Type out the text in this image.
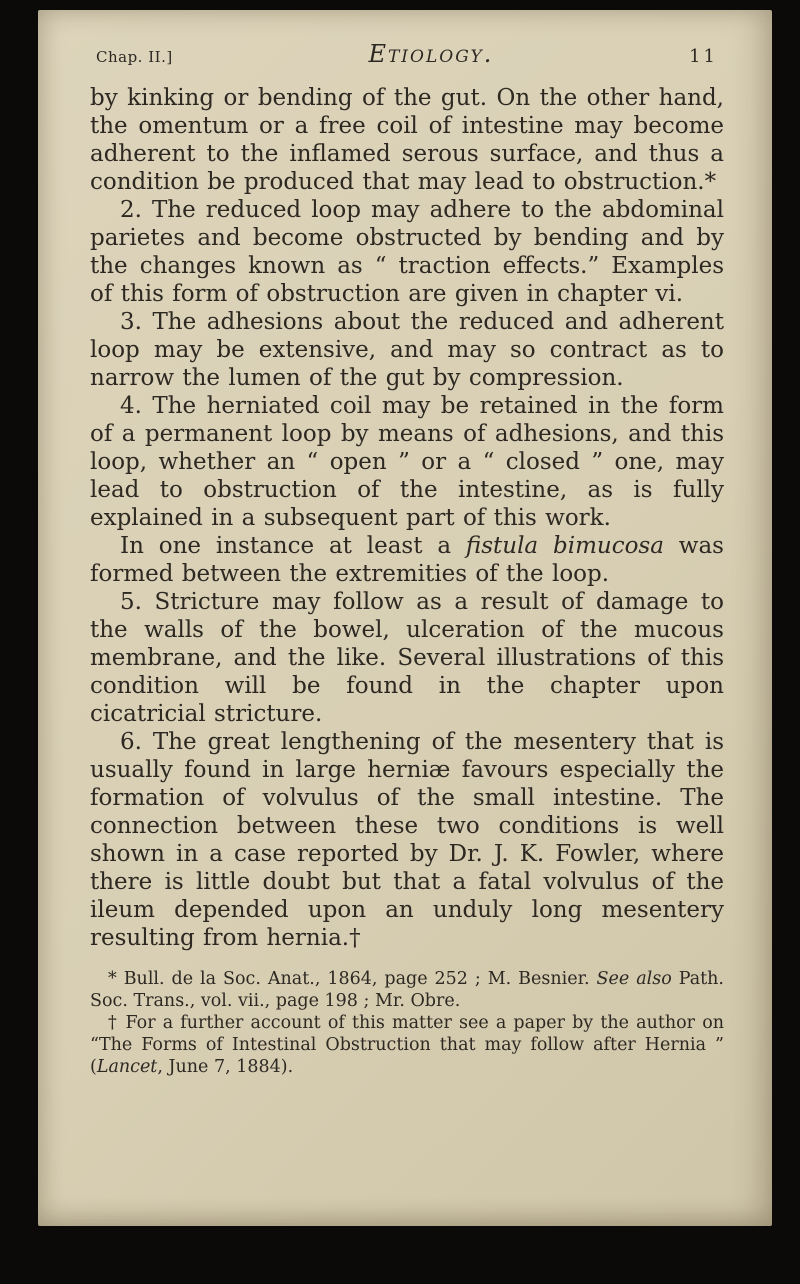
Chap. II.]	Etiology.	11

by kinking or bending of the gut. On the other hand, the omentum or a free coil of intestine may become adherent to the inflamed serous surface, and thus a condition be produced that may lead to obstruction.*

2. The reduced loop may adhere to the abdominal parietes and become obstructed by bending and by the changes known as “ traction effects.” Examples of this form of obstruction are given in chapter vi.

3. The adhesions about the reduced and adherent loop may be extensive, and may so contract as to narrow the lumen of the gut by compression.

4. The herniated coil may be retained in the form of a permanent loop by means of adhesions, and this loop, whether an “ open ” or a “ closed ” one, may lead to obstruction of the intestine, as is fully explained in a subsequent part of this work.

In one instance at least a fistula bimucosa was formed between the extremities of the loop.

5. Stricture may follow as a result of damage to the walls of the bowel, ulceration of the mucous membrane, and the like. Several illustrations of this condition will be found in the chapter upon cicatricial stricture.

6. The great lengthening of the mesentery that is usually found in large herniæ favours especially the formation of volvulus of the small intestine. The connection between these two conditions is well shown in a case reported by Dr. J. K. Fowler, where there is little doubt but that a fatal volvulus of the ileum depended upon an unduly long mesentery resulting from hernia.†

* Bull. de la Soc. Anat., 1864, page 252 ; M. Besnier. See also Path. Soc. Trans., vol. vii., page 198 ; Mr. Obre.

† For a further account of this matter see a paper by the author on “The Forms of Intestinal Obstruction that may follow after Hernia ” (Lancet, June 7, 1884).
